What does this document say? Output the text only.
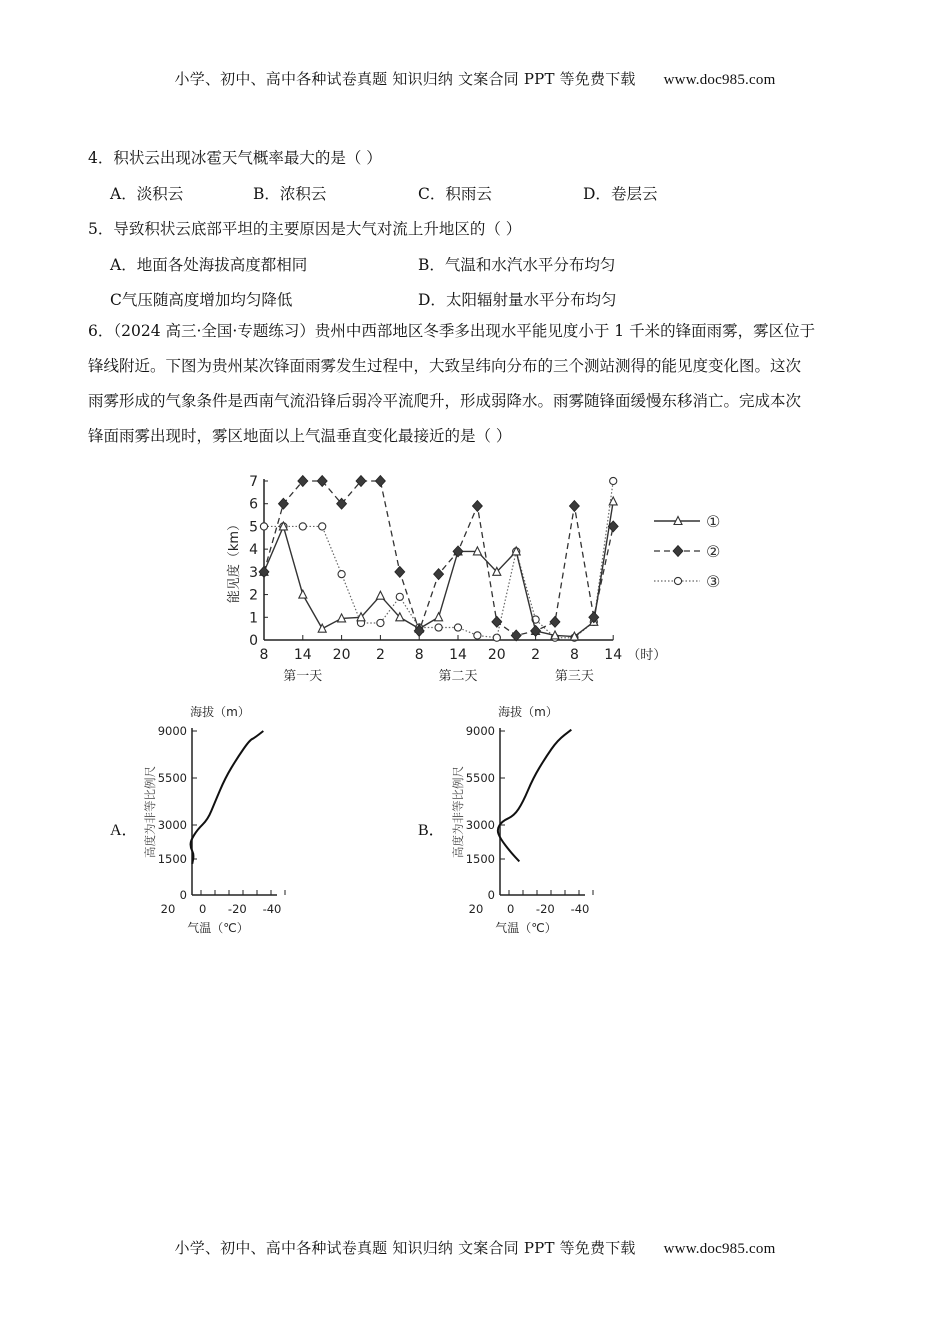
小学、初中、高中各种试卷真题 知识归纳 文案合同 PPT 等免费下载 www.doc985.com
4．积状云出现冰雹天气概率最大的是（ ）
A．淡积云	B．浓积云	C．积雨云	D．卷层云
5．导致积状云底部平坦的主要原因是大气对流上升地区的（ ）
A．地面各处海拔高度都相同	B．气温和水汽水平分布均匀
C气压随高度增加均匀降低	D．太阳辐射量水平分布均匀
6．（2024 高三·全国·专题练习）贵州中西部地区冬季多出现水平能见度小于 1 千米的锋面雨雾，雾区位于
锋线附近。下图为贵州某次锋面雨雾发生过程中，大致呈纬向分布的三个测站测得的能见度变化图。这次
雨雾形成的气象条件是西南气流沿锋后弱冷平流爬升，形成弱降水。雨雾随锋面缓慢东移消亡。完成本次
锋面雨雾出现时，雾区地面以上气温垂直变化最接近的是（ ）
0
1
2
3
4
5
6
7
8 14 20 2 8 14 20 2 8 14 （时）
能见度（km）
第一天	第二天	第三天
①
②
③
A．
海拔（m）
0
1500
3000
5500
9000
20 0 -20 -40
气温（℃）
高度为非等比例尺	B．
海拔（m）
0
1500
3000
5500
9000
20 0 -20 -40
气温（℃）
高度为非等比例尺
小学、初中、高中各种试卷真题 知识归纳 文案合同 PPT 等免费下载 www.doc985.com
